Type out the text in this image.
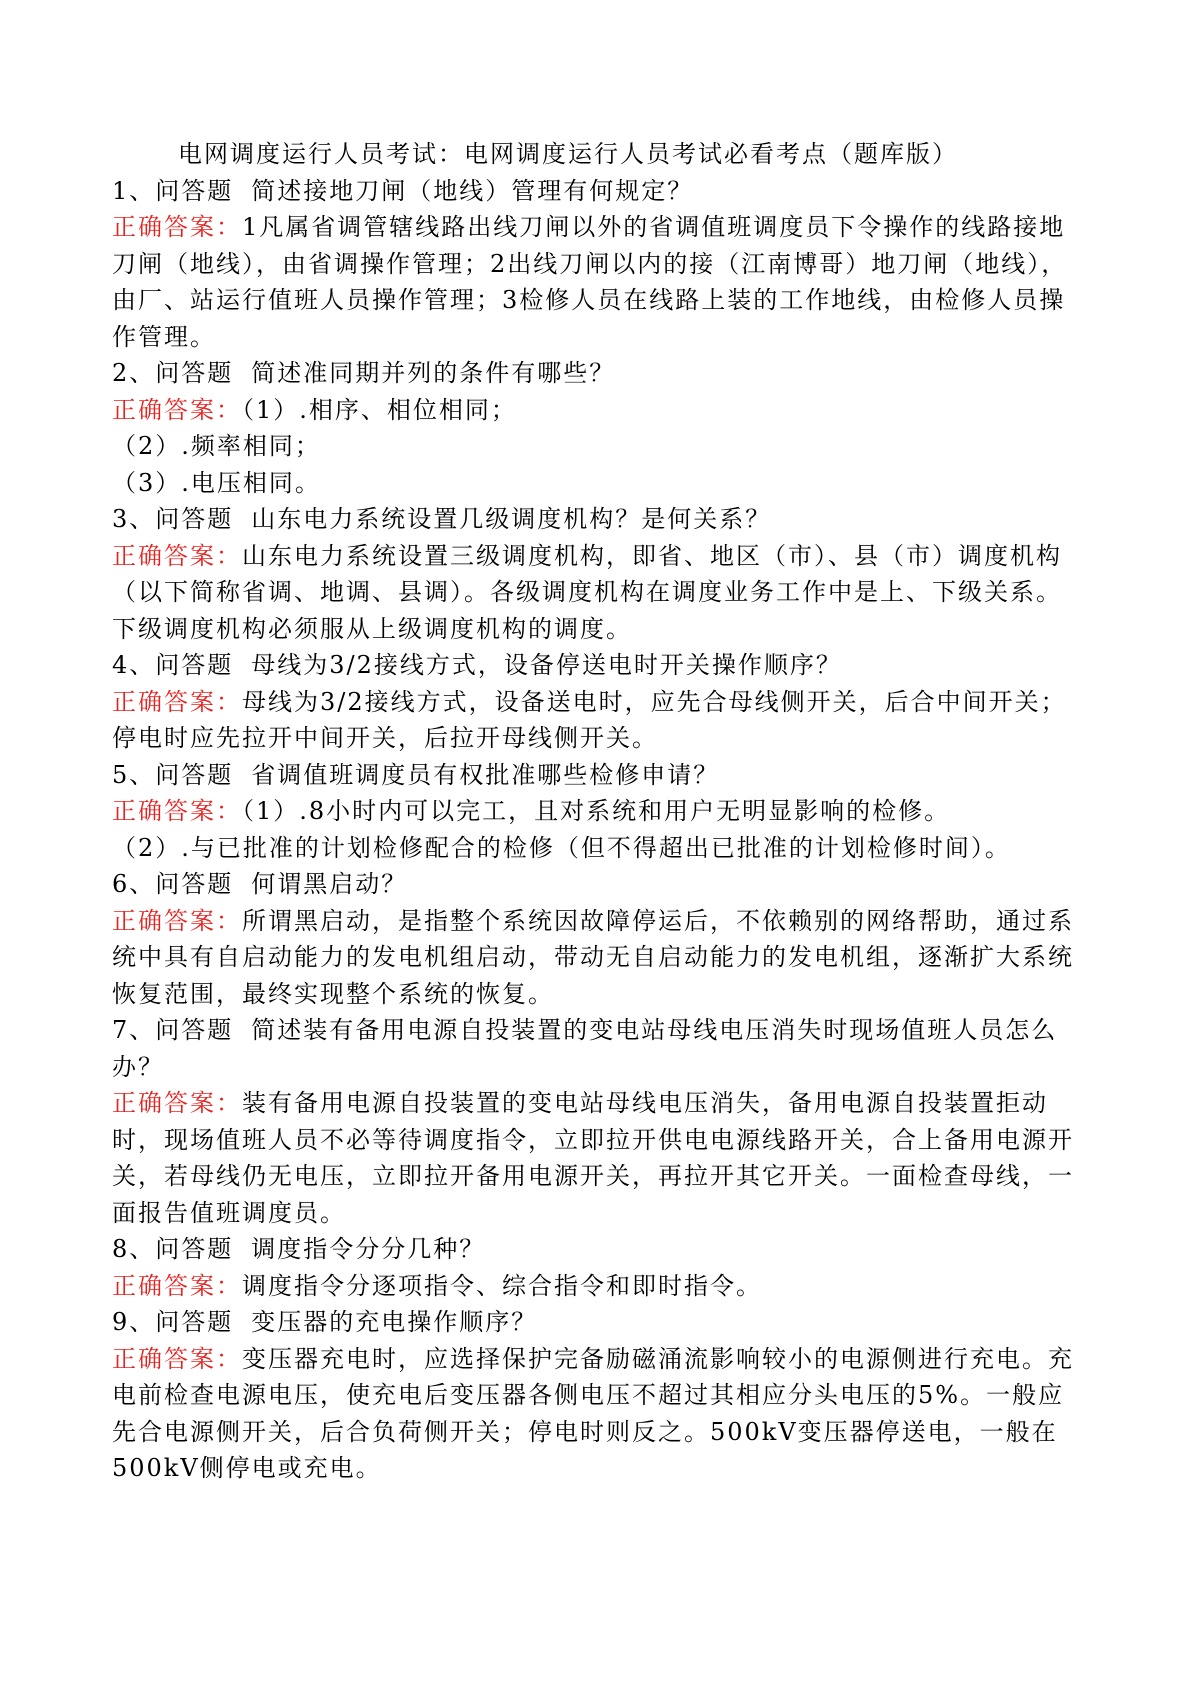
电网调度运行人员考试：电网调度运行人员考试必看考点（题库版）
1、问答题 简述接地刀闸（地线）管理有何规定？
正确答案：1凡属省调管辖线路出线刀闸以外的省调值班调度员下令操作的线路接地刀闸（地线），由省调操作管理；2出线刀闸以内的接（江南博哥）地刀闸（地线），由厂、站运行值班人员操作管理；3检修人员在线路上装的工作地线，由检修人员操作管理。
2、问答题 简述准同期并列的条件有哪些？
正确答案：（1）.相序、相位相同；
（2）.频率相同；
（3）.电压相同。
3、问答题 山东电力系统设置几级调度机构？是何关系？
正确答案：山东电力系统设置三级调度机构，即省、地区（市）、县（市）调度机构（以下简称省调、地调、县调）。各级调度机构在调度业务工作中是上、下级关系。下级调度机构必须服从上级调度机构的调度。
4、问答题 母线为3/2接线方式，设备停送电时开关操作顺序？
正确答案：母线为3/2接线方式，设备送电时，应先合母线侧开关，后合中间开关；停电时应先拉开中间开关，后拉开母线侧开关。
5、问答题 省调值班调度员有权批准哪些检修申请？
正确答案：（1）.8小时内可以完工，且对系统和用户无明显影响的检修。
（2）.与已批准的计划检修配合的检修（但不得超出已批准的计划检修时间）。
6、问答题 何谓黑启动？
正确答案：所谓黑启动，是指整个系统因故障停运后，不依赖别的网络帮助，通过系统中具有自启动能力的发电机组启动，带动无自启动能力的发电机组，逐渐扩大系统恢复范围，最终实现整个系统的恢复。
7、问答题 简述装有备用电源自投装置的变电站母线电压消失时现场值班人员怎么办？
正确答案：装有备用电源自投装置的变电站母线电压消失，备用电源自投装置拒动时，现场值班人员不必等待调度指令，立即拉开供电电源线路开关，合上备用电源开关，若母线仍无电压，立即拉开备用电源开关，再拉开其它开关。一面检查母线，一面报告值班调度员。
8、问答题 调度指令分分几种？
正确答案：调度指令分逐项指令、综合指令和即时指令。
9、问答题 变压器的充电操作顺序？
正确答案：变压器充电时，应选择保护完备励磁涌流影响较小的电源侧进行充电。充电前检查电源电压，使充电后变压器各侧电压不超过其相应分头电压的5%。一般应先合电源侧开关，后合负荷侧开关；停电时则反之。500kV变压器停送电，一般在500kV侧停电或充电。
